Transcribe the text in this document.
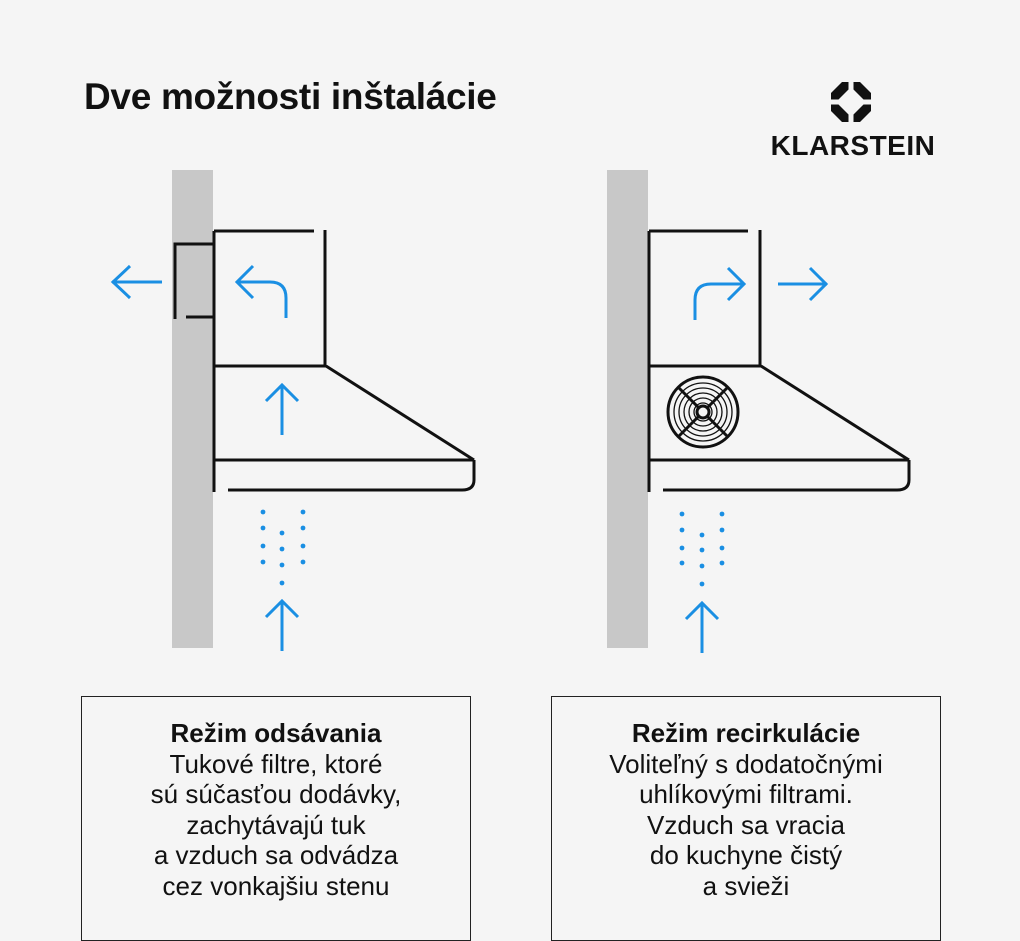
Dve možnosti inštalácie
KLARSTEIN
Režim odsávania
Tukové filtre, ktoré
sú súčasťou dodávky,
zachytávajú tuk
a vzduch sa odvádza
cez vonkajšiu stenu
Režim recirkulácie
Voliteľný s dodatočnými
uhlíkovými filtrami.
Vzduch sa vracia
do kuchyne čistý
a svieži
